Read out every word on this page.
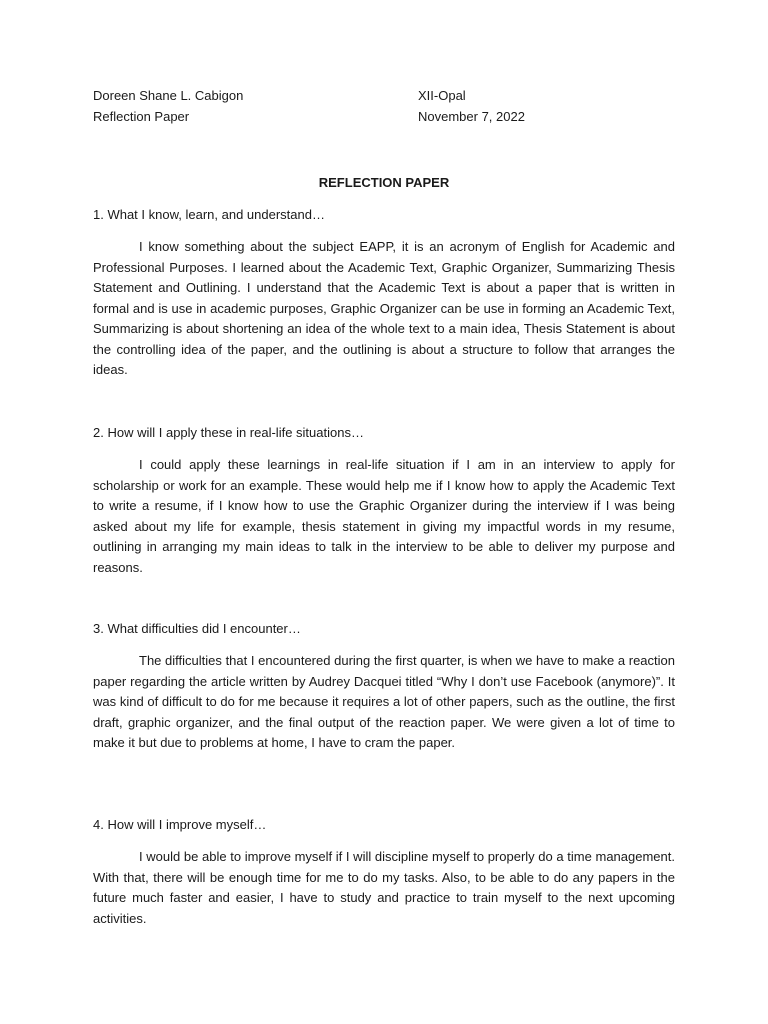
Doreen Shane L. Cabigon	XII-Opal
Reflection Paper	November 7, 2022
REFLECTION PAPER
1. What I know, learn, and understand…

I know something about the subject EAPP, it is an acronym of English for Academic and Professional Purposes. I learned about the Academic Text, Graphic Organizer, Summarizing Thesis Statement and Outlining. I understand that the Academic Text is about a paper that is written in formal and is use in academic purposes, Graphic Organizer can be use in forming an Academic Text, Summarizing is about shortening an idea of the whole text to a main idea, Thesis Statement is about the controlling idea of the paper, and the outlining is about a structure to follow that arranges the ideas.

2. How will I apply these in real-life situations…

I could apply these learnings in real-life situation if I am in an interview to apply for scholarship or work for an example. These would help me if I know how to apply the Academic Text to write a resume, if I know how to use the Graphic Organizer during the interview if I was being asked about my life for example, thesis statement in giving my impactful words in my resume, outlining in arranging my main ideas to talk in the interview to be able to deliver my purpose and reasons.

3. What difficulties did I encounter…

The difficulties that I encountered during the first quarter, is when we have to make a reaction paper regarding the article written by Audrey Dacquei titled “Why I don’t use Facebook (anymore)”. It was kind of difficult to do for me because it requires a lot of other papers, such as the outline, the first draft, graphic organizer, and the final output of the reaction paper. We were given a lot of time to make it but due to problems at home, I have to cram the paper.

4. How will I improve myself…

I would be able to improve myself if I will discipline myself to properly do a time management. With that, there will be enough time for me to do my tasks. Also, to be able to do any papers in the future much faster and easier, I have to study and practice to train myself to the next upcoming activities.
